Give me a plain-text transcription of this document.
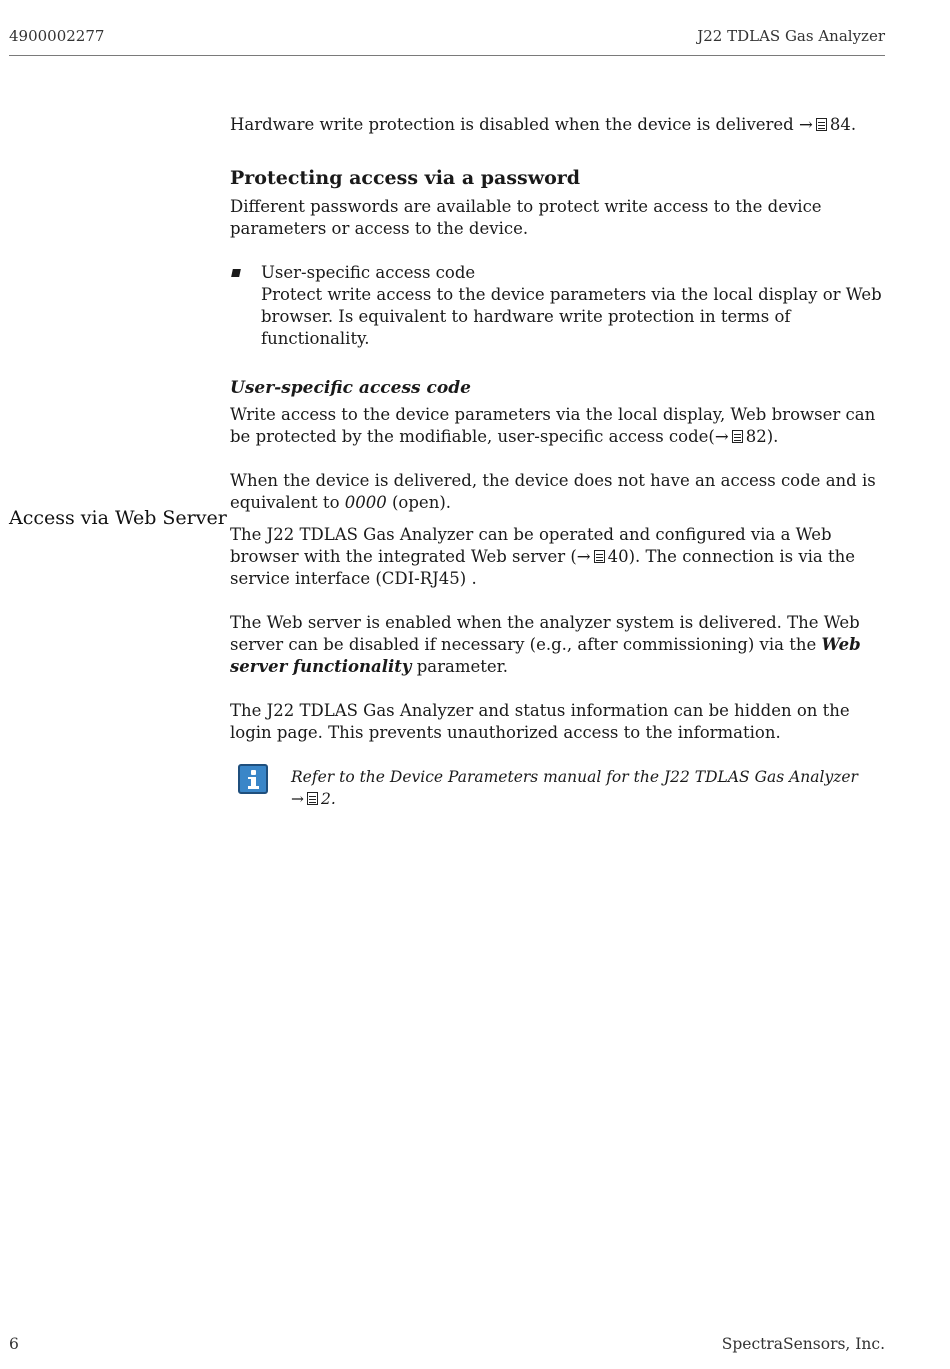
4900002277	J22 TDLAS Gas Analyzer
Access via Web Server

Hardware write protection is disabled when the device is delivered → 84.

Protecting access via a password

Different passwords are available to protect write access to the device parameters or access to the device.

User-specific access code
Protect write access to the device parameters via the local display or Web browser. Is equivalent to hardware write protection in terms of functionality.
User-specific access code

Write access to the device parameters via the local display, Web browser can be protected by the modifiable, user-specific access code(→ 82).

When the device is delivered, the device does not have an access code and is equivalent to 0000 (open).

The J22 TDLAS Gas Analyzer can be operated and configured via a Web browser with the integrated Web server (→ 40). The connection is via the service interface (CDI-RJ45) .

The Web server is enabled when the analyzer system is delivered. The Web server can be disabled if necessary (e.g., after commissioning) via the Web server functionality parameter.

The J22 TDLAS Gas Analyzer and status information can be hidden on the login page. This prevents unauthorized access to the information.

Refer to the Device Parameters manual for the J22 TDLAS Gas Analyzer → 2.
6	SpectraSensors, Inc.
